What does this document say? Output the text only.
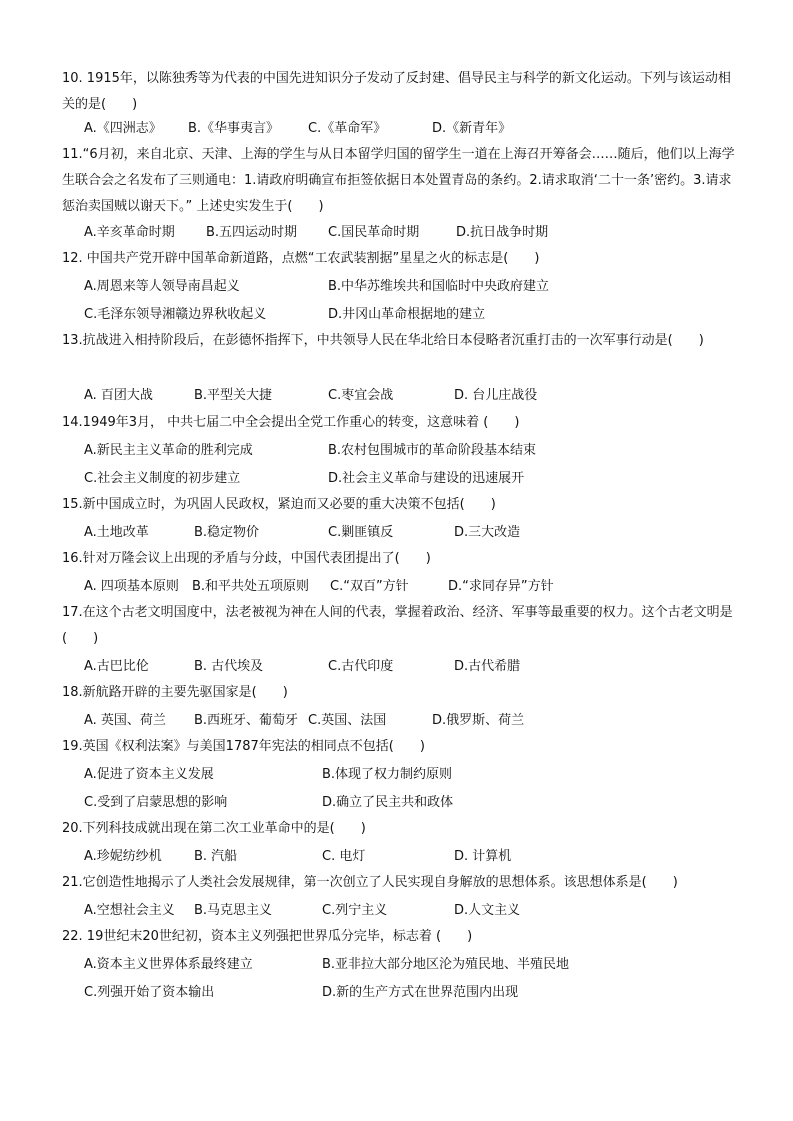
10. 1915年，以陈独秀等为代表的中国先进知识分子发动了反封建、倡导民主与科学的新文化运动。下列与该运动相关的是(　　)
A.《四洲志》 B.《华事夷言》 C.《革命军》	D.《新青年》
11.“6月初，来自北京、天津、上海的学生与从日本留学归国的留学生一道在上海召开筹备会……随后，他们以上海学生联合会之名发布了三则通电：1.请政府明确宣布拒签依据日本处置青岛的条约。2.请求取消‘二十一条’密约。3.请求惩治卖国贼以谢天下。” 上述史实发生于(　　)
A.辛亥革命时期 B.五四运动时期 C.国民革命时期	D.抗日战争时期
12. 中国共产党开辟中国革命新道路，点燃“工农武装割据”星星之火的标志是(　　)
A.周恩来等人领导南昌起义	B.中华苏维埃共和国临时中央政府建立
C.毛泽东领导湘赣边界秋收起义	D.井冈山革命根据地的建立
13.抗战进入相持阶段后，在彭德怀指挥下，中共领导人民在华北给日本侵略者沉重打击的一次军事行动是(　　)
A. 百团大战	B.平型关大捷	C.枣宜会战	D. 台儿庄战役
14.1949年3月， 中共七届二中全会提出全党工作重心的转变，这意味着 (　　)
A.新民主主义革命的胜利完成	B.农村包围城市的革命阶段基本结束
C.社会主义制度的初步建立	D.社会主义革命与建设的迅速展开
15.新中国成立时，为巩固人民政权，紧迫而又必要的重大决策不包括(　　)
A.土地改革	B.稳定物价	C.剿匪镇反	D.三大改造
16.针对万隆会议上出现的矛盾与分歧，中国代表团提出了(　　)
A. 四项基本原则 B.和平共处五项原则 C.“双百”方针	D.“求同存异”方针
17.在这个古老文明国度中，法老被视为神在人间的代表，掌握着政治、经济、军事等最重要的权力。这个古老文明是(　　)
A.古巴比伦	B. 古代埃及	C.古代印度	D.古代希腊
18.新航路开辟的主要先驱国家是(　　)
A. 英国、荷兰 B.西班牙、葡萄牙 C.英国、法国	D.俄罗斯、荷兰
19.英国《权利法案》与美国1787年宪法的相同点不包括(　　)
A.促进了资本主义发展	B.体现了权力制约原则
C.受到了启蒙思想的影响	D.确立了民主共和政体
20.下列科技成就出现在第二次工业革命中的是(　　)
A.珍妮纺纱机 B. 汽船	C. 电灯	D. 计算机
21.它创造性地揭示了人类社会发展规律，第一次创立了人民实现自身解放的思想体系。该思想体系是(　　)
A.空想社会主义 B.马克思主义	C.列宁主义	D.人文主义
22. 19世纪末20世纪初，资本主义列强把世界瓜分完毕，标志着 (　　)
A.资本主义世界体系最终建立	B.亚非拉大部分地区沦为殖民地、半殖民地
C.列强开始了资本输出	D.新的生产方式在世界范围内出现
